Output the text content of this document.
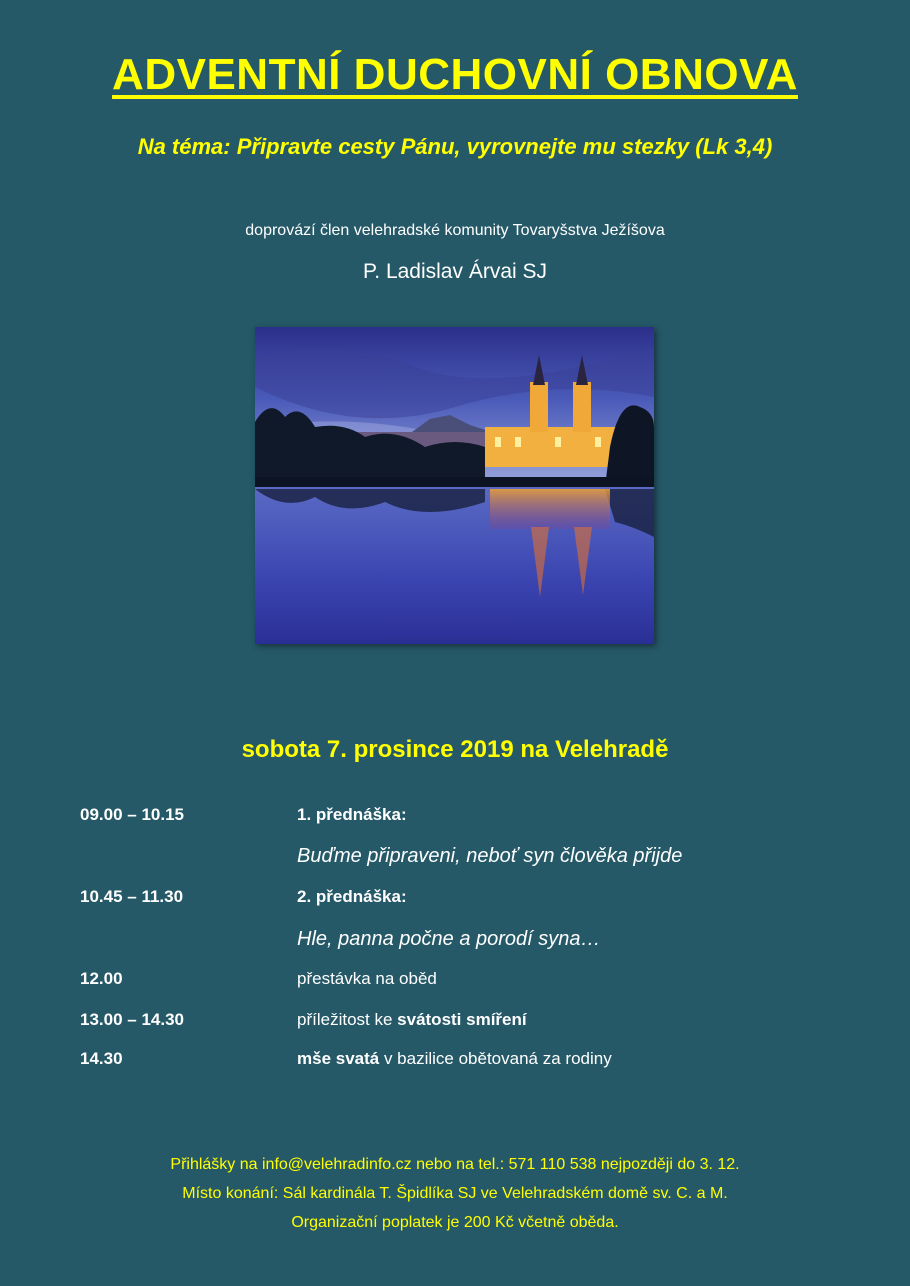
ADVENTNÍ DUCHOVNÍ OBNOVA
Na téma: Připravte cesty Pánu, vyrovnejte mu stezky (Lk 3,4)
doprovází člen velehradské komunity Tovaryšstva Ježíšova
P. Ladislav Árvai SJ
sobota 7. prosince 2019 na Velehradě
09.00 – 10.15	1. přednáška:
Buďme připraveni, neboť syn člověka přijde
10.45 – 11.30	2. přednáška:
Hle, panna počne a porodí syna…
12.00	přestávka na oběd
13.00 – 14.30	příležitost ke svátosti smíření
14.30	mše svatá v bazilice obětovaná za rodiny
Přihlášky na info@velehradinfo.cz nebo na tel.: 571 110 538 nejpozději do 3. 12.
Místo konání: Sál kardinála T. Špidlíka SJ ve Velehradském domě sv. C. a M.
Organizační poplatek je 200 Kč včetně oběda.
